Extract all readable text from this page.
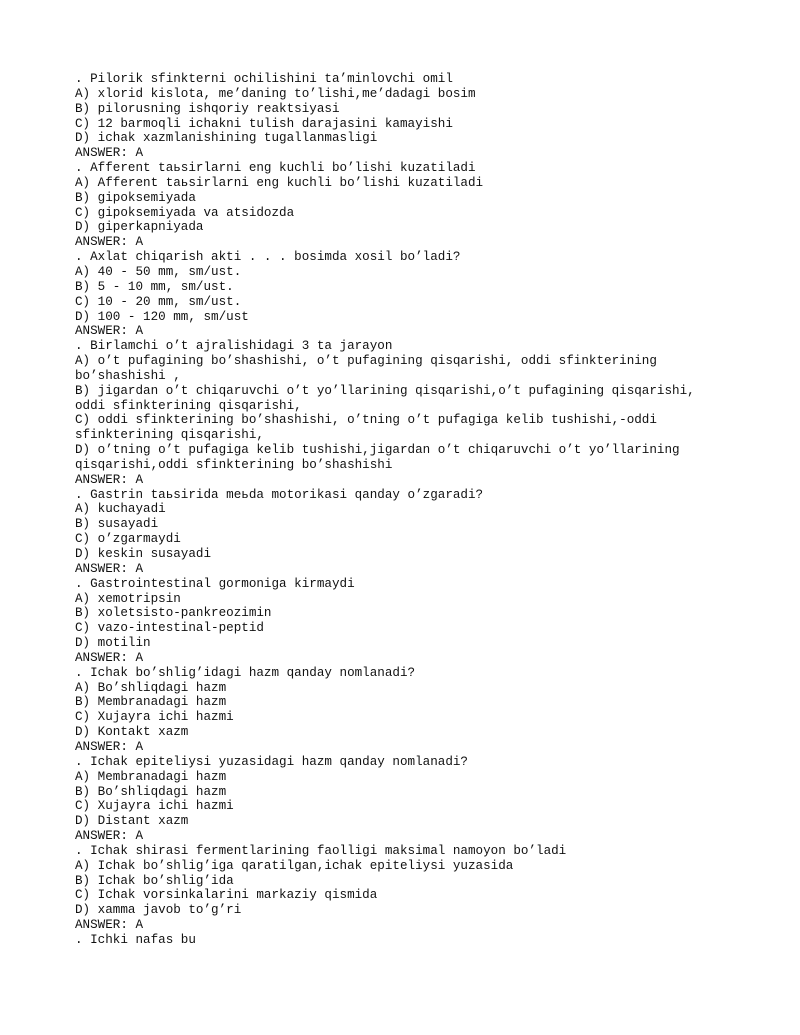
. Pilorik sfinkterni ochilishini ta’minlovchi omil
A) xlorid kislota, me’daning to’lishi,me’dadagi bosim
B) pilorusning ishqoriy reaktsiyasi
C) 12 barmoqli ichakni tulish darajasini kamayishi
D) ichak xazmlanishining tugallanmasligi
ANSWER: A
. Afferent taьsirlarni eng kuchli bo’lishi kuzatiladi
A) Afferent taьsirlarni eng kuchli bo’lishi kuzatiladi
B) gipoksemiyada
C) gipoksemiyada va atsidozda
D) giperkapniyada
ANSWER: A
. Axlat chiqarish akti . . . bosimda xosil bo’ladi?
A) 40 - 50 mm, sm/ust.
B) 5 - 10 mm, sm/ust.
C) 10 - 20 mm, sm/ust.
D) 100 - 120 mm, sm/ust
ANSWER: A
. Birlamchi o’t ajralishidagi 3 ta jarayon
A) o’t pufagining bo’shashishi, o’t pufagining qisqarishi, oddi sfinkterining
bo’shashishi ,
B) jigardan o’t chiqaruvchi o’t yo’llarining qisqarishi,o’t pufagining qisqarishi,
oddi sfinkterining qisqarishi,
C) oddi sfinkterining bo’shashishi, o’tning o’t pufagiga kelib tushishi,-oddi
sfinkterining qisqarishi,
D) o’tning o’t pufagiga kelib tushishi,jigardan o’t chiqaruvchi o’t yo’llarining
qisqarishi,oddi sfinkterining bo’shashishi
ANSWER: A
. Gastrin taьsirida meьda motorikasi qanday o’zgaradi?
A) kuchayadi
B) susayadi
C) o’zgarmaydi
D) keskin susayadi
ANSWER: A
. Gastrointestinal gormoniga kirmaydi
A) xemotripsin
B) xoletsisto-pankreozimin
C) vazo-intestinal-peptid
D) motilin
ANSWER: A
. Ichak bo’shlig’idagi hazm qanday nomlanadi?
A) Bo’shliqdagi hazm
B) Membranadagi hazm
C) Xujayra ichi hazmi
D) Kontakt xazm
ANSWER: A
. Ichak epiteliysi yuzasidagi hazm qanday nomlanadi?
A) Membranadagi hazm
B) Bo’shliqdagi hazm
C) Xujayra ichi hazmi
D) Distant xazm
ANSWER: A
. Ichak shirasi fermentlarining faolligi maksimal namoyon bo’ladi
A) Ichak bo’shlig’iga qaratilgan,ichak epiteliysi yuzasida
B) Ichak bo’shlig’ida
C) Ichak vorsinkalarini markaziy qismida
D) xamma javob to’g’ri
ANSWER: A
. Ichki nafas bu
